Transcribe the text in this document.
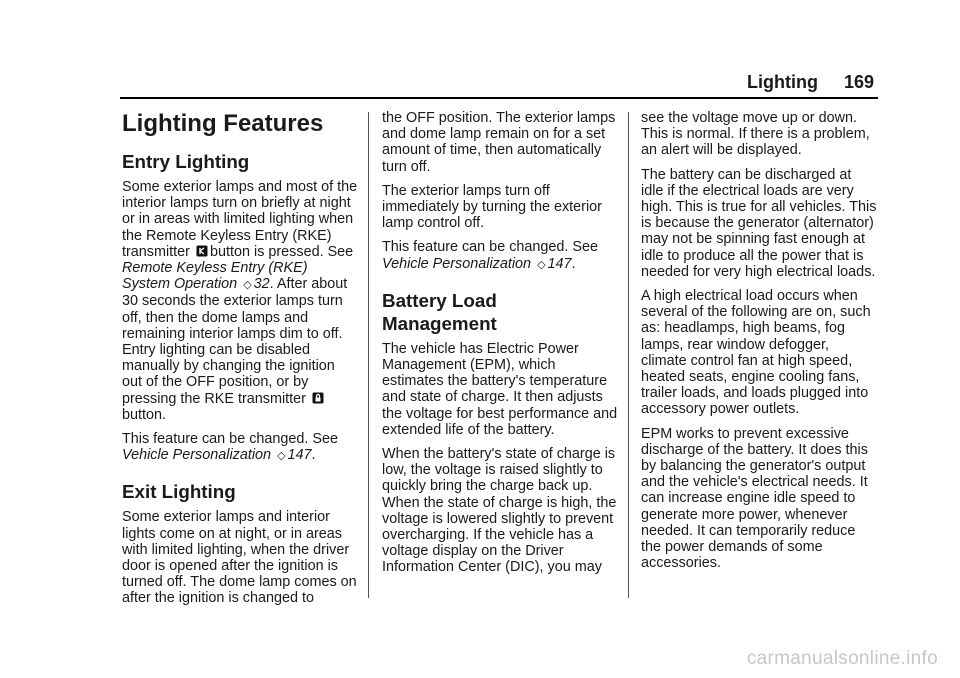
Lighting 169
Lighting Features
Entry Lighting

Some exterior lamps and most of the interior lamps turn on briefly at night or in areas with limited lighting when the Remote Keyless Entry (RKE) transmitter button is pressed. See Remote Keyless Entry (RKE) System Operation ◇ 32. After about 30 seconds the exterior lamps turn off, then the dome lamps and remaining interior lamps dim to off. Entry lighting can be disabled manually by changing the ignition out of the OFF position, or by pressing the RKE transmitter
button.

This feature can be changed. See Vehicle Personalization ◇ 147.

Exit Lighting

Some exterior lamps and interior lights come on at night, or in areas with limited lighting, when the driver door is opened after the ignition is turned off. The dome lamp comes on after the ignition is changed to

the OFF position. The exterior lamps and dome lamp remain on for a set amount of time, then automatically turn off.

The exterior lamps turn off immediately by turning the exterior lamp control off.

This feature can be changed. See Vehicle Personalization ◇ 147.

Battery Load
Management

The vehicle has Electric Power Management (EPM), which estimates the battery's temperature and state of charge. It then adjusts the voltage for best performance and extended life of the battery.

When the battery's state of charge is low, the voltage is raised slightly to quickly bring the charge back up. When the state of charge is high, the voltage is lowered slightly to prevent overcharging. If the vehicle has a voltage display on the Driver Information Center (DIC), you may

see the voltage move up or down. This is normal. If there is a problem, an alert will be displayed.

The battery can be discharged at idle if the electrical loads are very high. This is true for all vehicles. This is because the generator (alternator) may not be spinning fast enough at idle to produce all the power that is needed for very high electrical loads.

A high electrical load occurs when several of the following are on, such as: headlamps, high beams, fog lamps, rear window defogger, climate control fan at high speed, heated seats, engine cooling fans, trailer loads, and loads plugged into accessory power outlets.

EPM works to prevent excessive discharge of the battery. It does this by balancing the generator's output and the vehicle's electrical needs. It can increase engine idle speed to generate more power, whenever needed. It can temporarily reduce the power demands of some accessories.

carmanualsonline.info
